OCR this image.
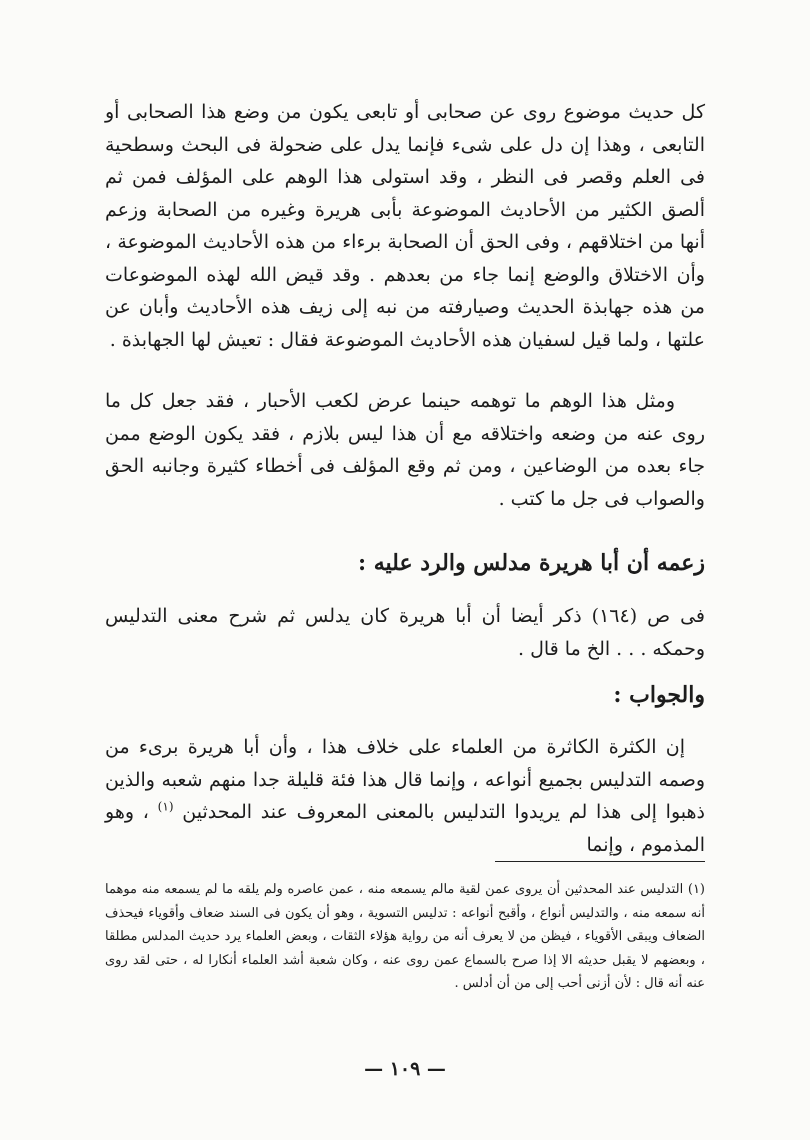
كل حديث موضوع روى عن صحابى أو تابعى يكون من وضع هذا الصحابى أو التابعى ، وهذا إن دل على شىء فإنما يدل على ضحولة فى البحث وسطحية فى العلم وقصر فى النظر ، وقد استولى هذا الوهم على المؤلف فمن ثم ألصق الكثير من الأحاديث الموضوعة بأبى هريرة وغيره من الصحابة وزعم أنها من اختلاقهم ، وفى الحق أن الصحابة برءاء من هذه الأحاديث الموضوعة ، وأن الاختلاق والوضع إنما جاء من بعدهم . وقد قيض الله لهذه الموضوعات من هذه جهابذة الحديث وصيارفته من نبه إلى زيف هذه الأحاديث وأبان عن علتها ، ولما قيل لسفيان هذه الأحاديث الموضوعة فقال : تعيش لها الجهابذة .

ومثل هذا الوهم ما توهمه حينما عرض لكعب الأحبار ، فقد جعل كل ما روى عنه من وضعه واختلاقه مع أن هذا ليس بلازم ، فقد يكون الوضع ممن جاء بعده من الوضاعين ، ومن ثم وقع المؤلف فى أخطاء كثيرة وجانبه الحق والصواب فى جل ما كتب .

زعمه أن أبا هريرة مدلس والرد عليه :

فى ص (١٦٤) ذكر أيضا أن أبا هريرة كان يدلس ثم شرح معنى التدليس وحمكه . . . الخ ما قال .

والجواب :

إن الكثرة الكاثرة من العلماء على خلاف هذا ، وأن أبا هريرة برىء من وصمه التدليس بجميع أنواعه ، وإنما قال هذا فئة قليلة جدا منهم شعبه والذين ذهبوا إلى هذا لم يريدوا التدليس بالمعنى المعروف عند المحدثين $^{(١)}$ ، وهو المذموم ، وإنما

(١) التدليس عند المحدثين أن يروى عمن لقية مالم يسمعه منه ، عمن عاصره ولم يلقه ما لم يسمعه منه موهما أنه سمعه منه ، والتدليس أنواع ، وأقبح أنواعه : تدليس التسوية ، وهو أن يكون فى السند ضعاف وأقوياء فيحذف الضعاف ويبقى الأقوياء ، فيظن من لا يعرف أنه من رواية هؤلاء الثقات ، وبعض العلماء يرد حديث المدلس مطلقا ، وبعضهم لا يقبل حديثه الا إذا صرح بالسماع عمن روى عنه ، وكان شعبة أشد العلماء أنكارا له ، حتى لقد روى عنه أنه قال : لأن أزنى أحب إلى من أن أدلس .

— ١٠٩ —
